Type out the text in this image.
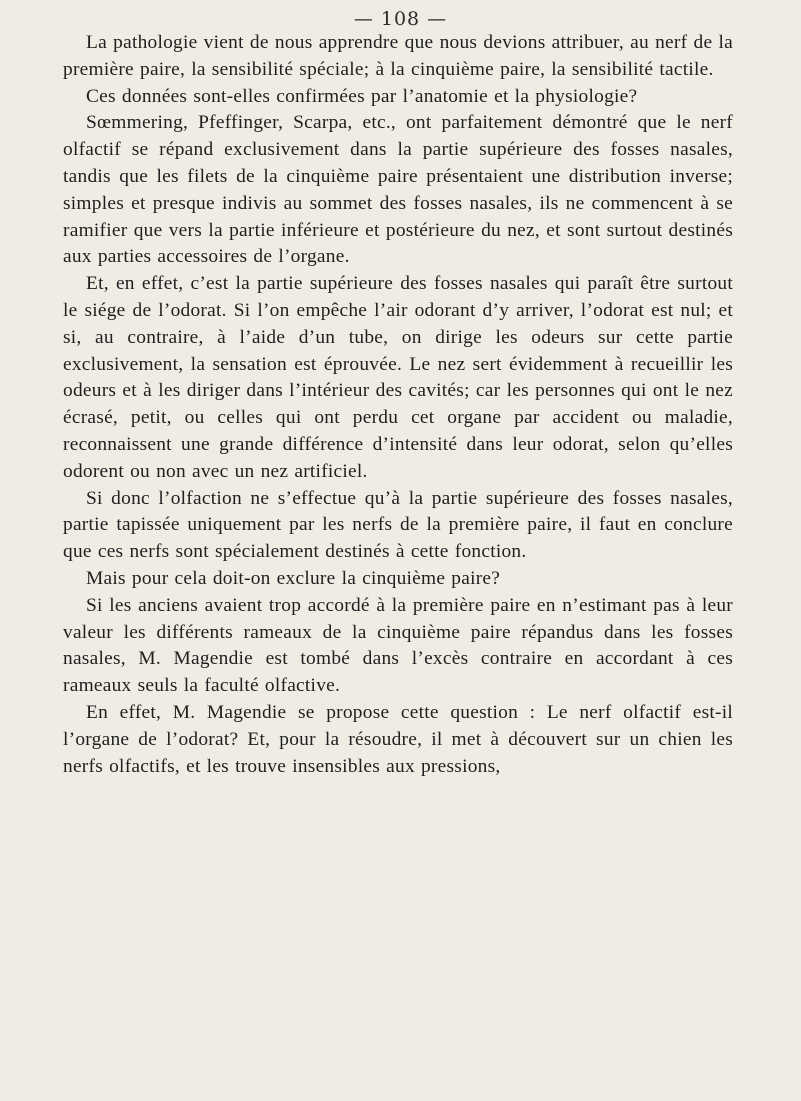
— 108 —

La pathologie vient de nous apprendre que nous devions attribuer, au nerf de la première paire, la sensibilité spéciale; à la cinquième paire, la sensibilité tactile.

Ces données sont-elles confirmées par l’anatomie et la physiologie?

Sœmmering, Pfeffinger, Scarpa, etc., ont parfaitement démontré que le nerf olfactif se répand exclusivement dans la partie supérieure des fosses nasales, tandis que les filets de la cinquième paire présentaient une distribution inverse; simples et presque indivis au sommet des fosses nasales, ils ne commencent à se ramifier que vers la partie inférieure et postérieure du nez, et sont surtout destinés aux parties accessoires de l’organe.

Et, en effet, c’est la partie supérieure des fosses nasales qui paraît être surtout le siége de l’odorat. Si l’on empêche l’air odorant d’y arriver, l’odorat est nul; et si, au contraire, à l’aide d’un tube, on dirige les odeurs sur cette partie exclusivement, la sensation est éprouvée. Le nez sert évidemment à recueillir les odeurs et à les diriger dans l’intérieur des cavités; car les personnes qui ont le nez écrasé, petit, ou celles qui ont perdu cet organe par accident ou maladie, reconnaissent une grande différence d’intensité dans leur odorat, selon qu’elles odorent ou non avec un nez artificiel.

Si donc l’olfaction ne s’effectue qu’à la partie supérieure des fosses nasales, partie tapissée uniquement par les nerfs de la première paire, il faut en conclure que ces nerfs sont spécialement destinés à cette fonction.

Mais pour cela doit-on exclure la cinquième paire?

Si les anciens avaient trop accordé à la première paire en n’estimant pas à leur valeur les différents rameaux de la cinquième paire répandus dans les fosses nasales, M. Magendie est tombé dans l’excès contraire en accordant à ces rameaux seuls la faculté olfactive.

En effet, M. Magendie se propose cette question : Le nerf olfactif est-il l’organe de l’odorat? Et, pour la résoudre, il met à découvert sur un chien les nerfs olfactifs, et les trouve insensibles aux pressions,
